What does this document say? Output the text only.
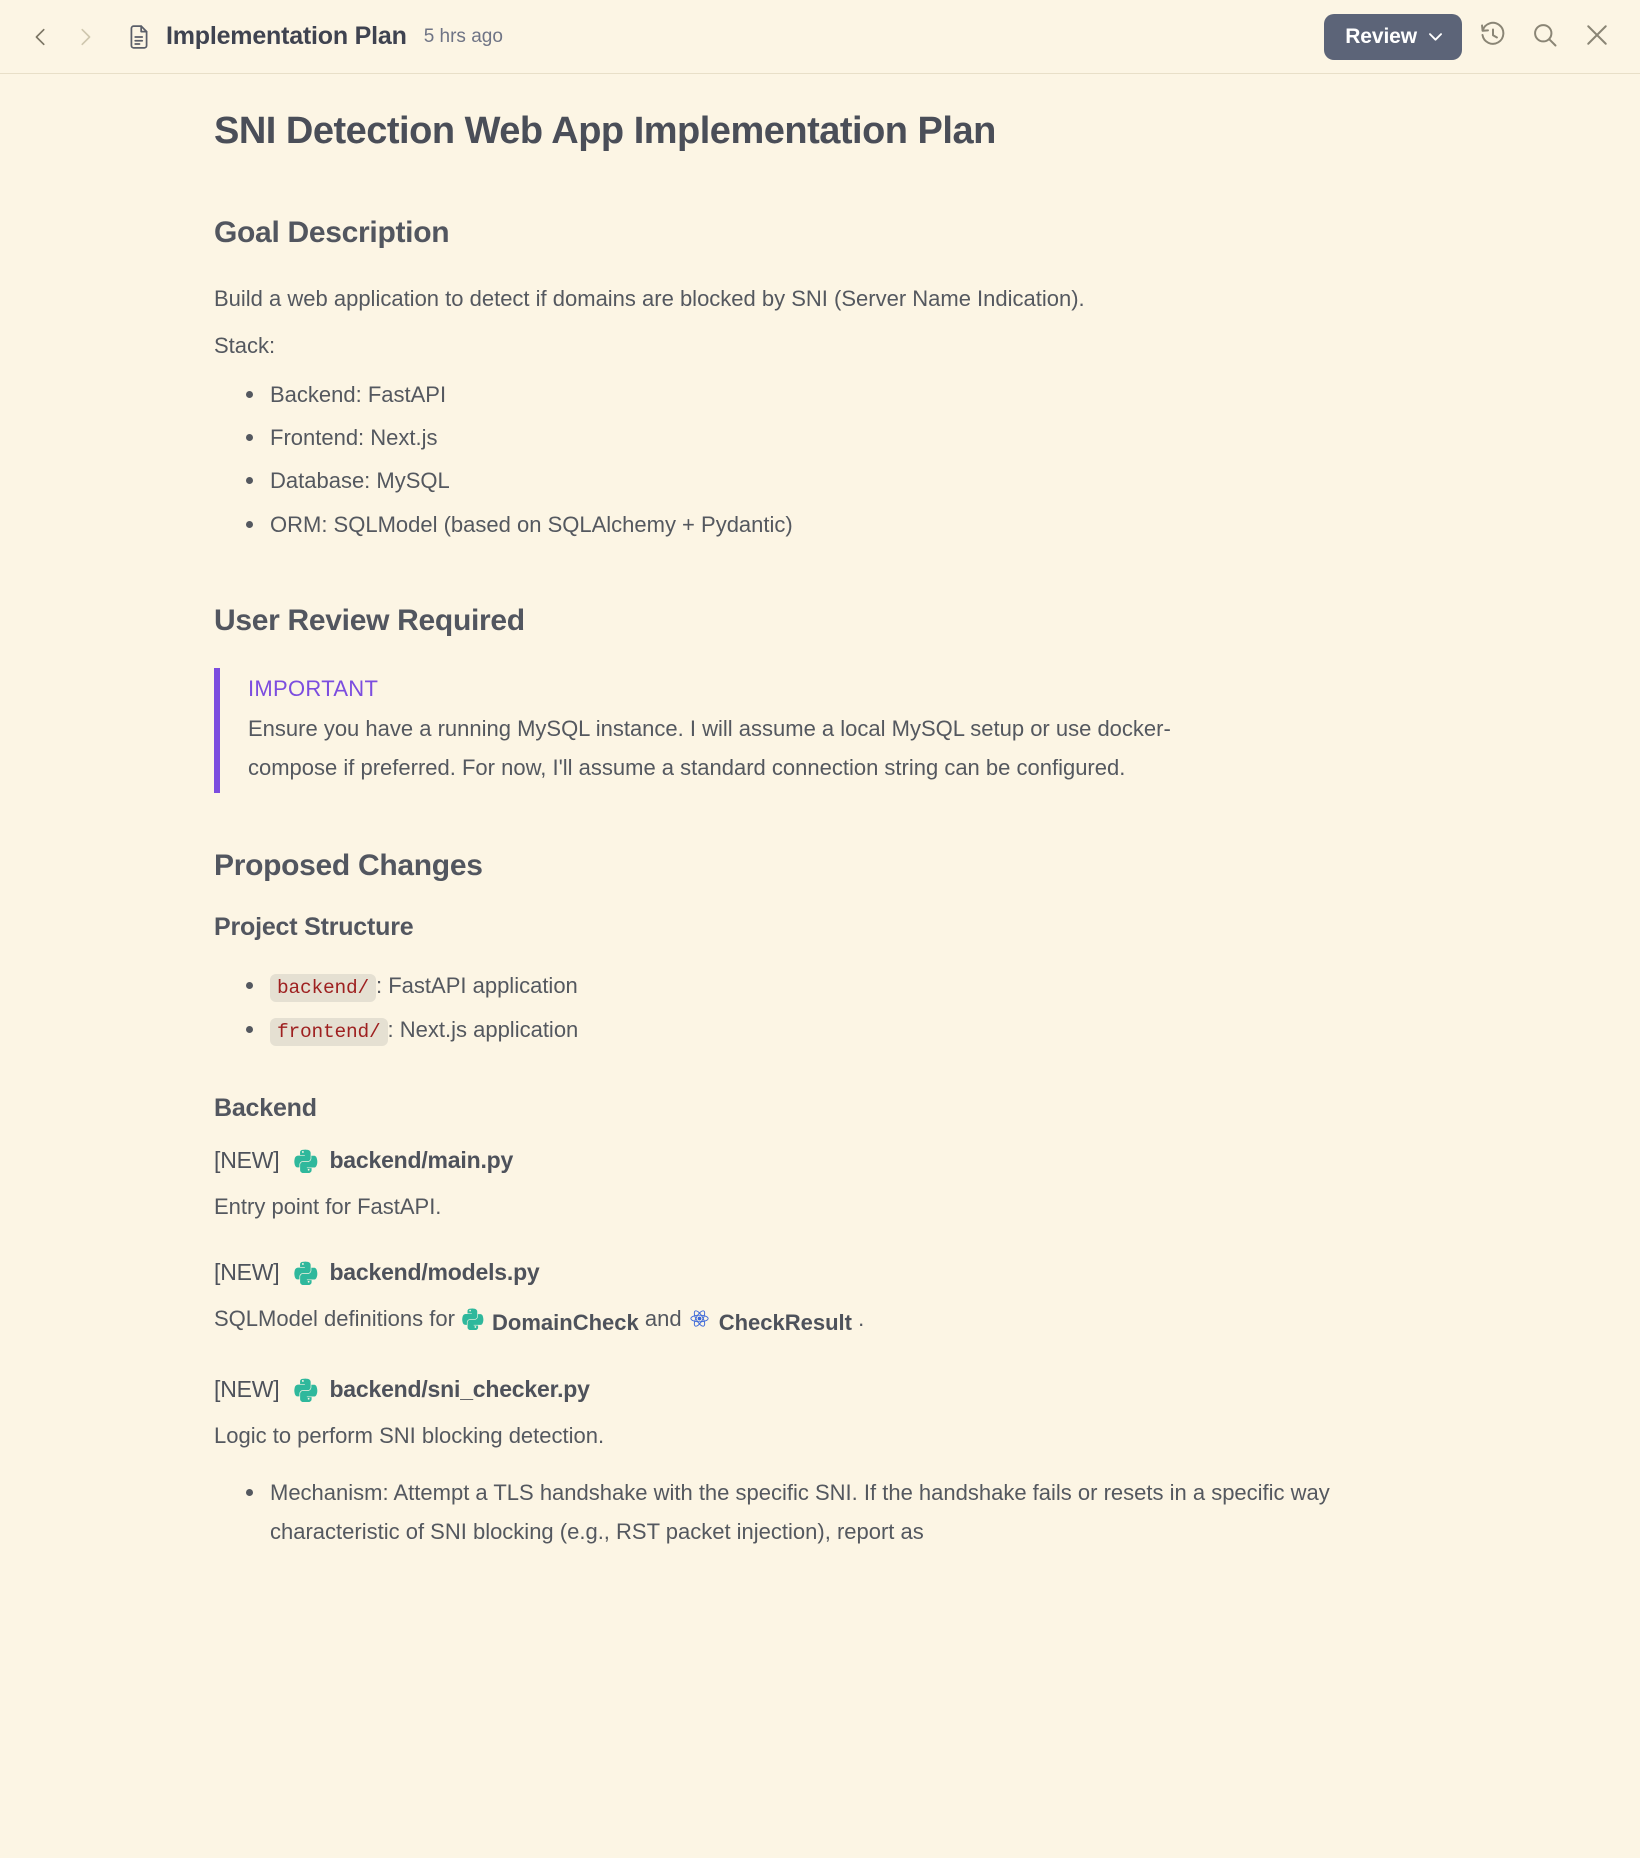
Implementation Plan 5 hrs ago	Review
SNI Detection Web App Implementation Plan
Goal Description

Build a web application to detect if domains are blocked by SNI (Server Name Indication).

Stack:

Backend: FastAPI
Frontend: Next.js
Database: MySQL
ORM: SQLModel (based on SQLAlchemy + Pydantic)
User Review Required
IMPORTANT
Ensure you have a running MySQL instance. I will assume a local MySQL setup or use docker-compose if preferred. For now, I'll assume a standard connection string can be configured.
Proposed Changes
Project Structure
backend/ : FastAPI application
frontend/ : Next.js application
Backend
[NEW] backend/main.py
Entry point for FastAPI.
[NEW] backend/models.py
SQLModel definitions for DomainCheck and CheckResult .
[NEW] backend/sni_checker.py
Logic to perform SNI blocking detection.
Mechanism: Attempt a TLS handshake with the specific SNI. If the handshake fails or resets in a specific way characteristic of SNI blocking (e.g., RST packet injection), report as
